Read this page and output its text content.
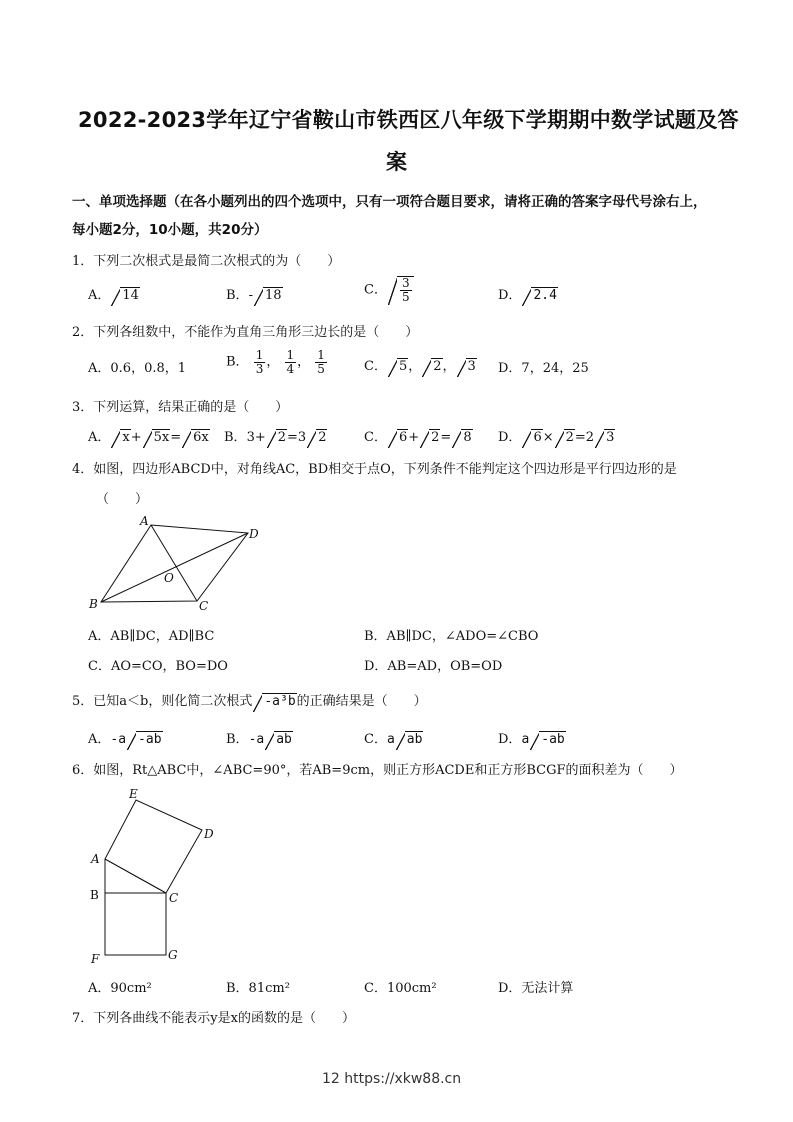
2022-2023学年辽宁省鞍山市铁西区八年级下学期期中数学试题及答
案
一、单项选择题（在各小题列出的四个选项中，只有一项符合题目要求，请将正确的答案字母代号涂右上，
每小题2分，10小题，共20分）
1．下列二次根式是最简二次根式的为（　　）
A． 14	B．- 18	C． $\frac{3}{5}$	D． 2.4
2．下列各组数中，不能作为直角三角形三边长的是（　　）
A．0.6，0.8，1	B． $\frac{1}{3}$ ， $\frac{1}{4}$ ， $\frac{1}{5}$	C． 5， 2， 3 D．7，24，25
3．下列运算，结果正确的是（　　）
A． x+ 5x= 6x B．3+ 2=3 2	C． 6+ 2= 8 D． 6× 2=2 3
4．如图，四边形ABCD中，对角线AC，BD相交于点O，下列条件不能判定这个四边形是平行四边形的是
（　　）
A
D
O
B	C
A．AB∥DC，AD∥BC	B．AB∥DC，∠ADO=∠CBO
C．AO=CO，BO=DO	D．AB=AD，OB=OD
5．已知a＜b，则化简二次根式 -a³b的正确结果是（　　）
A．-a -ab	B．-a ab	C．a ab	D．a -ab
6．如图，Rt△ABC中，∠ABC=90°，若AB=9cm，则正方形ACDE和正方形BCGF的面积差为（　　）
E
D
A
B	C
F	G
A．90cm²	B．81cm²	C．100cm²	D．无法计算
7．下列各曲线不能表示y是x的函数的是（　　）
12 https://xkw88.cn
